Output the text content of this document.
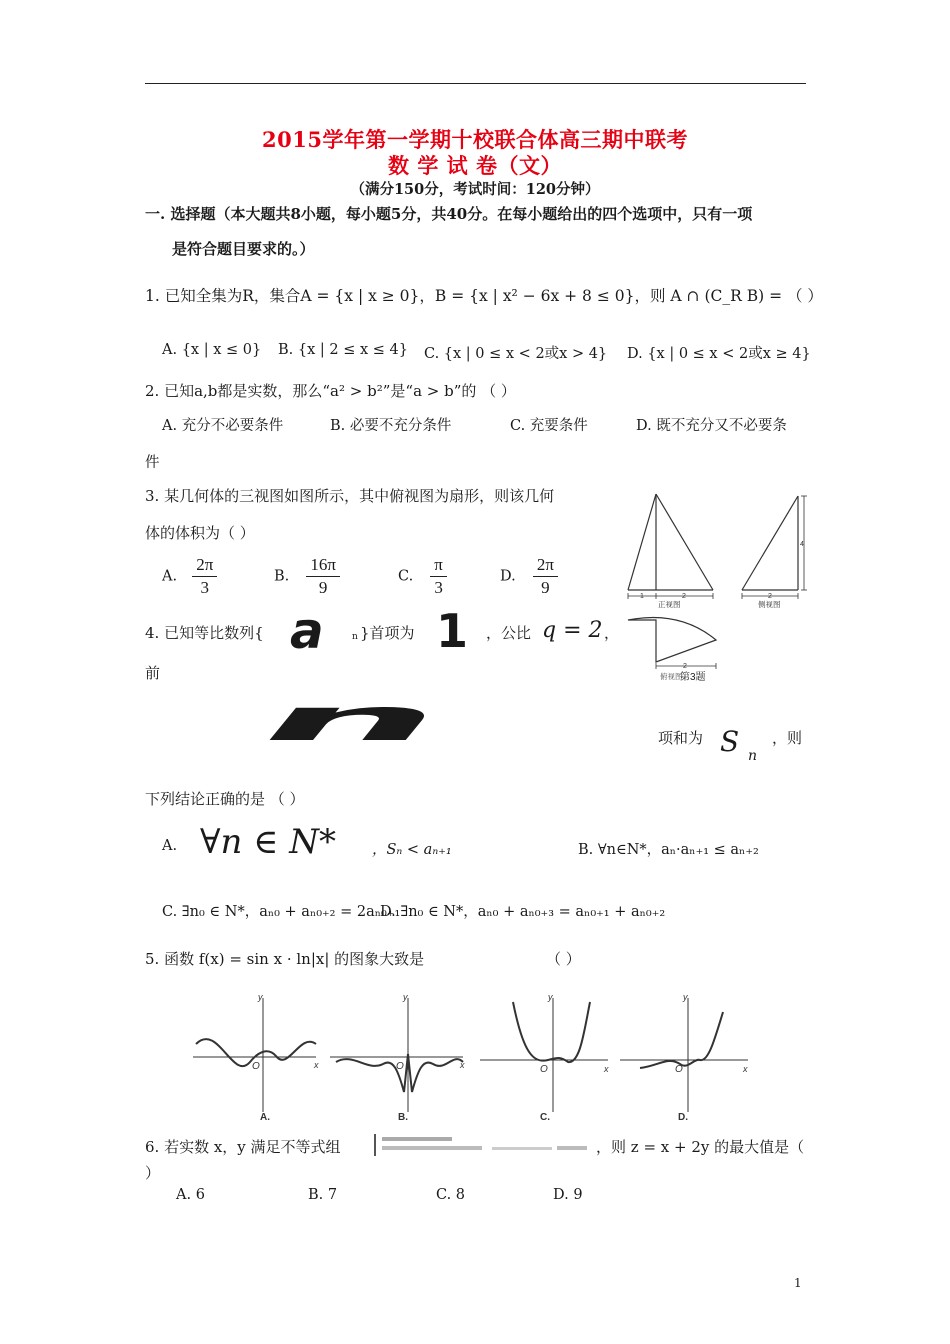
2015学年第一学期十校联合体高三期中联考
数 学 试 卷（文）
（满分150分，考试时间：120分钟）
一. 选择题（本大题共8小题，每小题5分，共40分。在每小题给出的四个选项中，只有一项
是符合题目要求的。）
1. 已知全集为R，集合A = {x | x ≥ 0}，B = {x | x² − 6x + 8 ≤ 0}，则 A ∩ (C_R B) = （ ）
A. {x | x ≤ 0} B. {x | 2 ≤ x ≤ 4} C. {x | 0 ≤ x < 2或x > 4} D. {x | 0 ≤ x < 2或x ≥ 4}
2. 已知a,b都是实数，那么“a² > b²”是“a > b”的 （ ）
A. 充分不必要条件	B. 必要不充分条件	C. 充要条件	D. 既不充分又不必要条
件
3. 某几何体的三视图如图所示，其中俯视图为扇形，则该几何
体的体积为（ ）
A. $\frac{2\pi}{3}$	B. $\frac{16\pi}{9}$	C. $\frac{\pi}{3}$	D. $\frac{2\pi}{9}$	1	2
正视图
2
4
侧视图
2
俯视图
第3题
4. 已知等比数列{ a	n }首项为 1 ，公比 q = 2 ，
前
n	项和为 S n
，则
下列结论正确的是 （ ）
A. ∀n ∈ N* ，Sₙ < aₙ₊₁	B. ∀n∈N*，aₙ·aₙ₊₁ ≤ aₙ₊₂
C. ∃n₀ ∈ N*，aₙ₀ + aₙ₀₊₂ = 2aₙ₀₊₁
D. ∃n₀ ∈ N*，aₙ₀ + aₙ₀₊₃ = aₙ₀₊₁ + aₙ₀₊₂
5. 函数 f(x) = sin x · ln|x| 的图象大致是	（ ）
y
x
O
y
x
O
y
x
O
y
x
O
A.	B.	C.	D.
6. 若实数 x，y 满足不等式组	，则 z = x + 2y 的最大值是（
）
A. 6	B. 7	C. 8	D. 9
1
